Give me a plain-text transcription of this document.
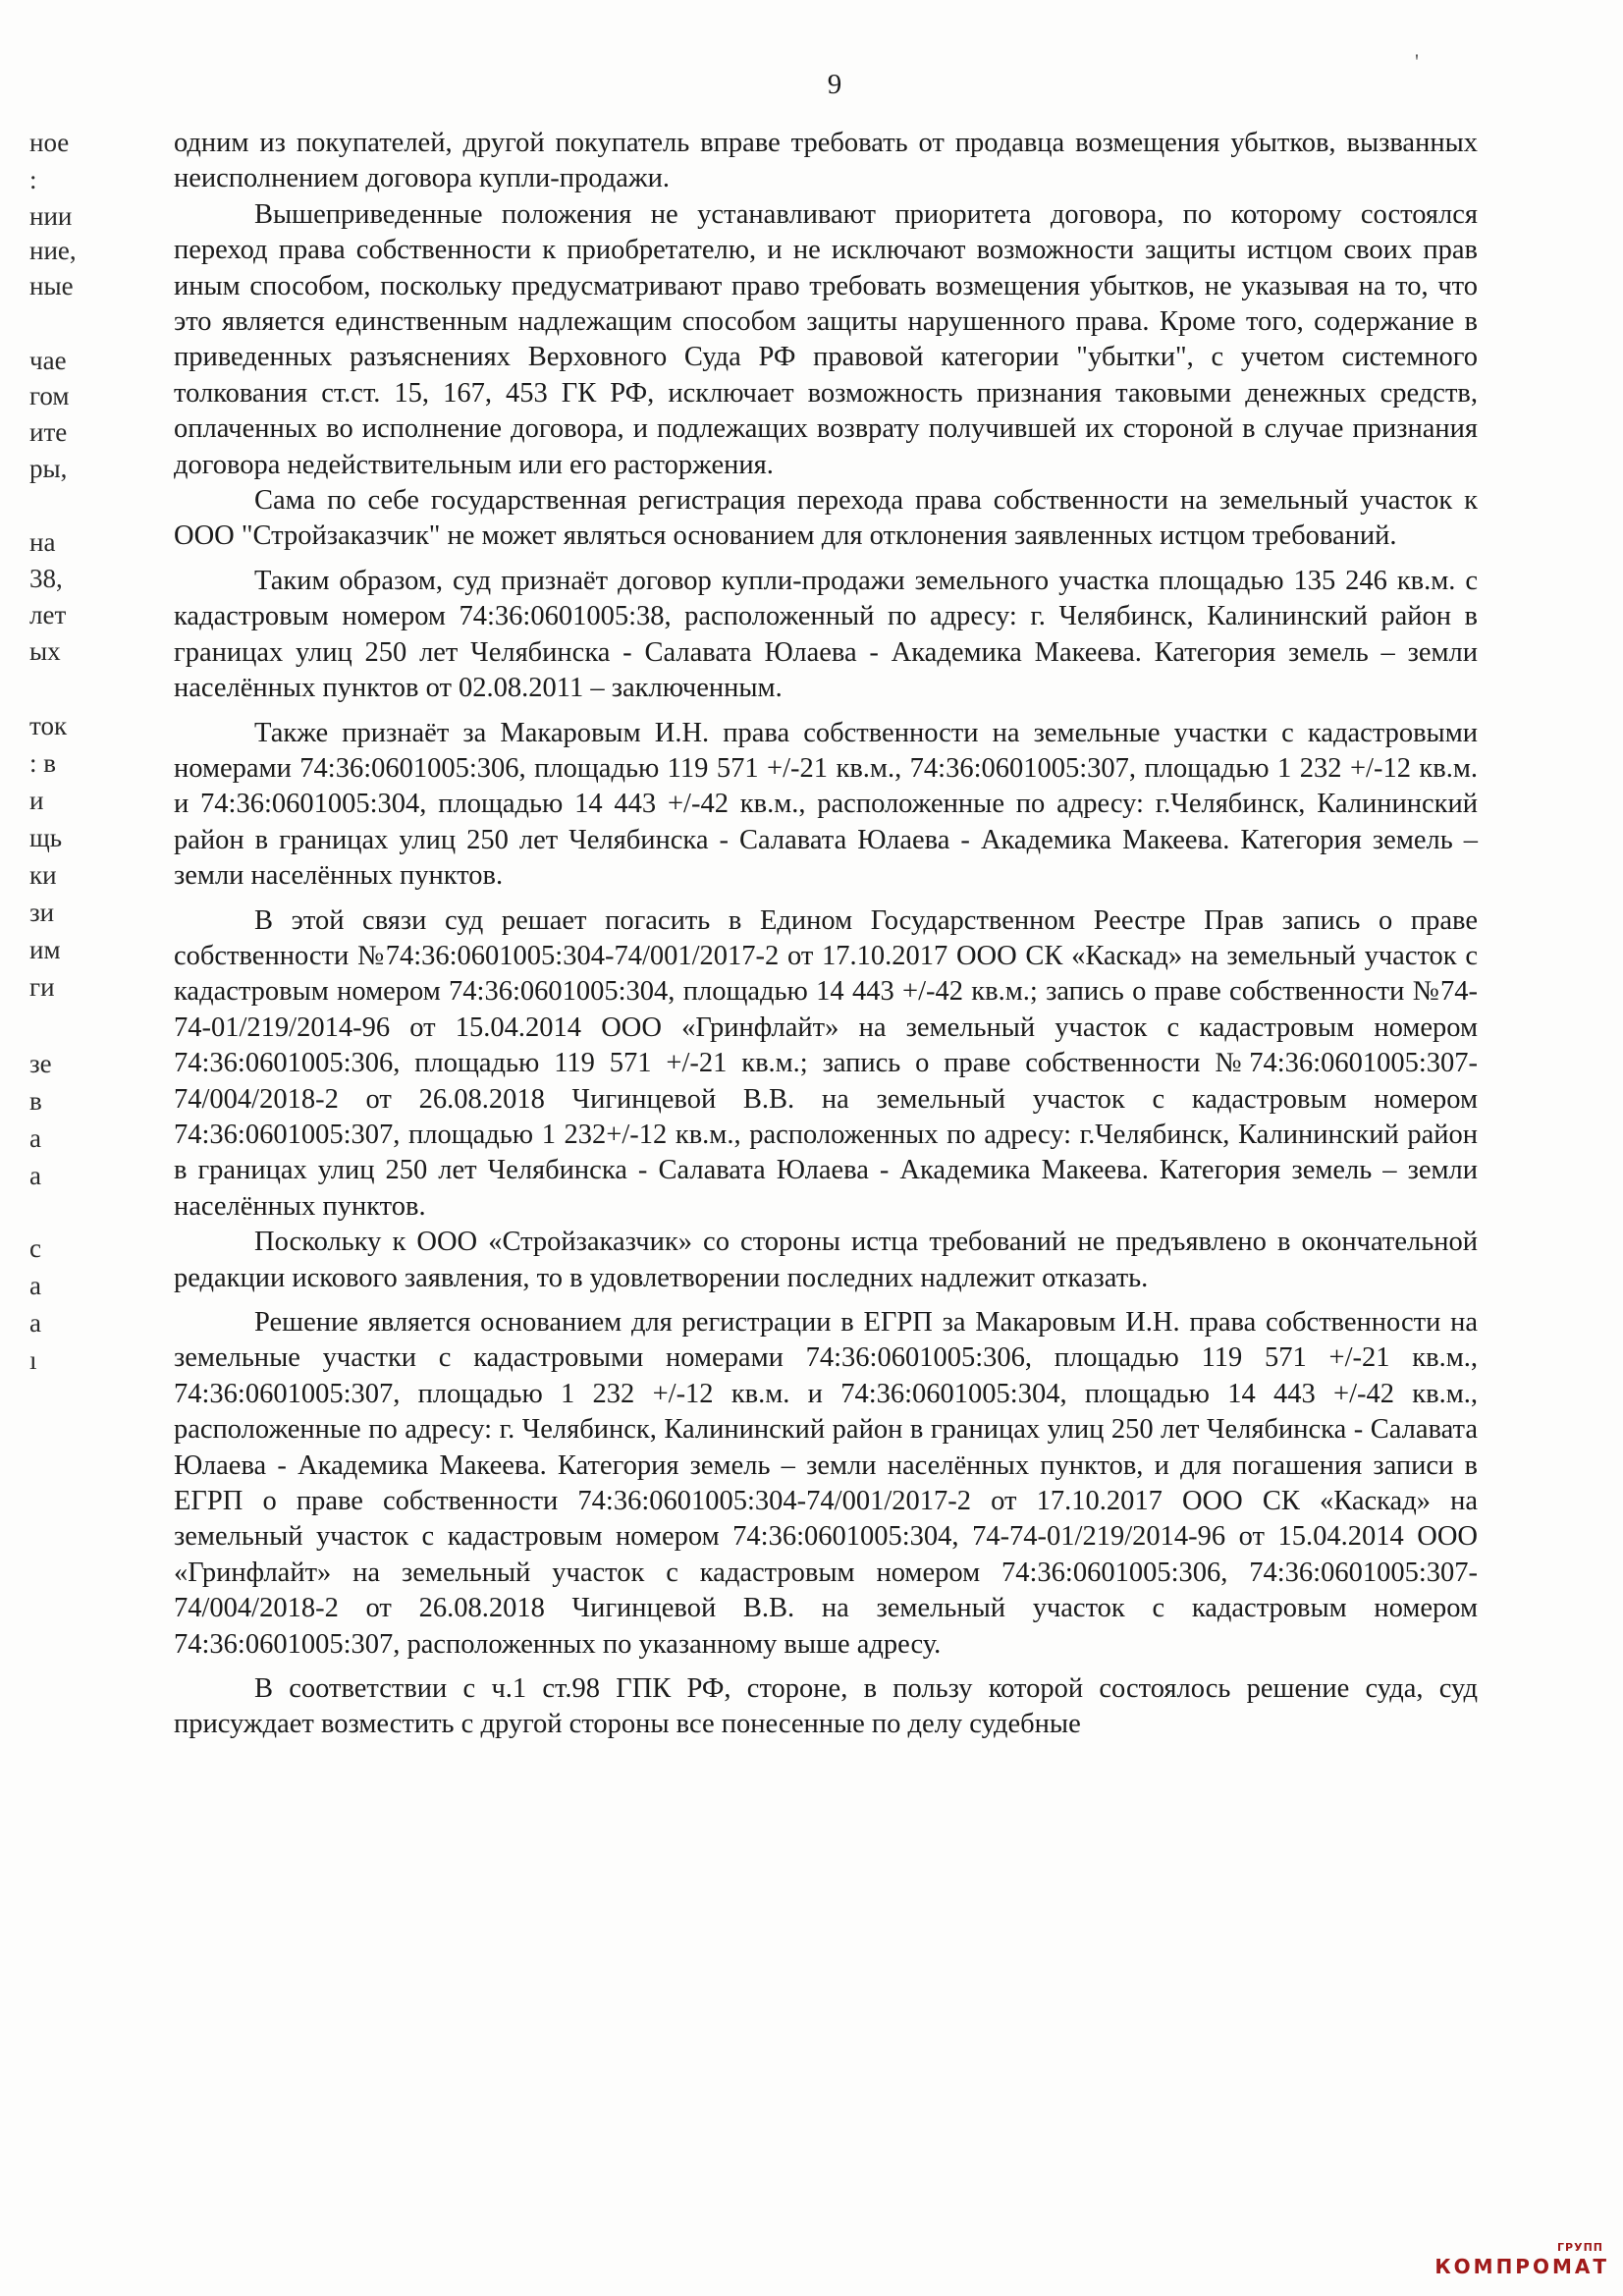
'
9
ное
:
нии
ние,
ные
чае
гом
ите
ры,
на
38,
лет
ых
ток
: в
и
щь
ки
зи
им
ги
зе
в
а
а
с
а
а
ı

одним из покупателей, другой покупатель вправе требовать от продавца возмещения убытков, вызванных неисполнением договора купли-продажи.

Вышеприведенные положения не устанавливают приоритета договора, по которому состоялся переход права собственности к приобретателю, и не исключают возможности защиты истцом своих прав иным способом, поскольку предусматривают право требовать возмещения убытков, не указывая на то, что это является единственным надлежащим способом защиты нарушенного права. Кроме того, содержание в приведенных разъяснениях Верховного Суда РФ правовой категории "убытки", с учетом системного толкования ст.ст. 15, 167, 453 ГК РФ, исключает возможность признания таковыми денежных средств, оплаченных во исполнение договора, и подлежащих возврату получившей их стороной в случае признания договора недействительным или его расторжения.

Сама по себе государственная регистрация перехода права собственности на земельный участок к ООО "Стройзаказчик" не может являться основанием для отклонения заявленных истцом требований.

Таким образом, суд признаёт договор купли-продажи земельного участка площадью 135 246 кв.м. с кадастровым номером 74:36:0601005:38, расположенный по адресу: г. Челябинск, Калининский район в границах улиц 250 лет Челябинска - Салавата Юлаева - Академика Макеева. Категория земель – земли населённых пунктов от 02.08.2011 – заключенным.

Также признаёт за Макаровым И.Н. права собственности на земельные участки с кадастровыми номерами 74:36:0601005:306, площадью 119 571 +/-21 кв.м., 74:36:0601005:307, площадью 1 232 +/-12 кв.м. и 74:36:0601005:304, площадью 14 443 +/-42 кв.м., расположенные по адресу: г.Челябинск, Калининский район в границах улиц 250 лет Челябинска - Салавата Юлаева - Академика Макеева. Категория земель – земли населённых пунктов.

В этой связи суд решает погасить в Едином Государственном Реестре Прав запись о праве собственности №74:36:0601005:304-74/001/2017-2 от 17.10.2017 ООО СК «Каскад» на земельный участок с кадастровым номером 74:36:0601005:304, площадью 14 443 +/-42 кв.м.; запись о праве собственности №74-74-01/219/2014-96 от 15.04.2014 ООО «Гринфлайт» на земельный участок с кадастровым номером 74:36:0601005:306, площадью 119 571 +/-21 кв.м.; запись о праве собственности №74:36:0601005:307-74/004/2018-2 от 26.08.2018 Чигинцевой В.В. на земельный участок с кадастровым номером 74:36:0601005:307, площадью 1 232+/-12 кв.м., расположенных по адресу: г.Челябинск, Калининский район в границах улиц 250 лет Челябинска - Салавата Юлаева - Академика Макеева. Категория земель – земли населённых пунктов.

Поскольку к ООО «Стройзаказчик» со стороны истца требований не предъявлено в окончательной редакции искового заявления, то в удовлетворении последних надлежит отказать.

Решение является основанием для регистрации в ЕГРП за Макаровым И.Н. права собственности на земельные участки с кадастровыми номерами 74:36:0601005:306, площадью 119 571 +/-21 кв.м., 74:36:0601005:307, площадью 1 232 +/-12 кв.м. и 74:36:0601005:304, площадью 14 443 +/-42 кв.м., расположенные по адресу: г. Челябинск, Калининский район в границах улиц 250 лет Челябинска - Салавата Юлаева - Академика Макеева. Категория земель – земли населённых пунктов, и для погашения записи в ЕГРП о праве собственности 74:36:0601005:304-74/001/2017-2 от 17.10.2017 ООО СК «Каскад» на земельный участок с кадастровым номером 74:36:0601005:304, 74-74-01/219/2014-96 от 15.04.2014 ООО «Гринфлайт» на земельный участок с кадастровым номером 74:36:0601005:306, 74:36:0601005:307-74/004/2018-2 от 26.08.2018 Чигинцевой В.В. на земельный участок с кадастровым номером 74:36:0601005:307, расположенных по указанному выше адресу.

В соответствии с ч.1 ст.98 ГПК РФ, стороне, в пользу которой состоялось решение суда, суд присуждает возместить с другой стороны все понесенные по делу судебные

ГРУПП
КОМПРОМАТ
